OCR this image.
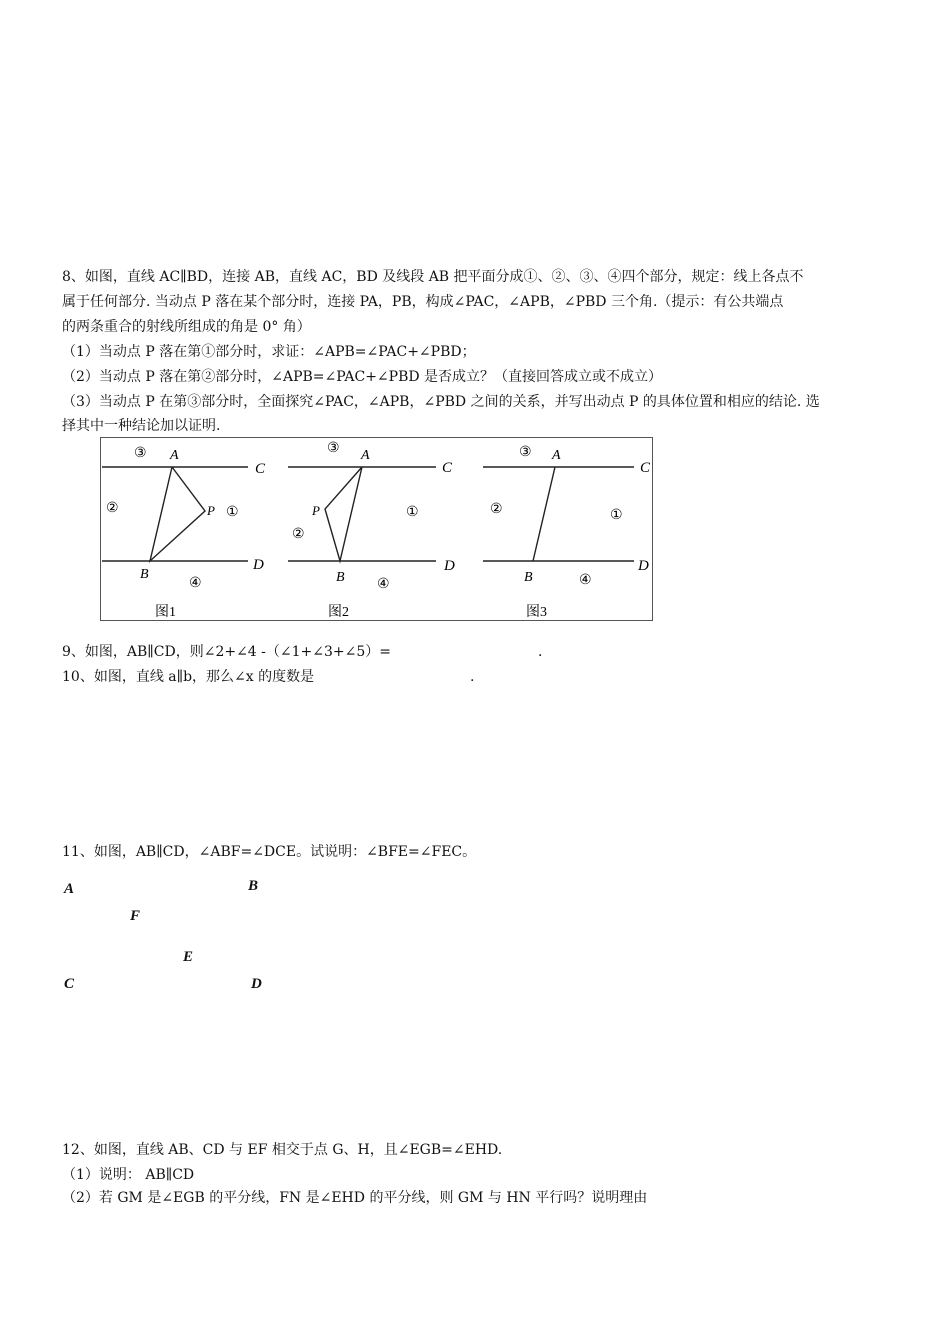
8、如图，直线 AC∥BD，连接 AB，直线 AC，BD 及线段 AB 把平面分成①、②、③、④四个部分，规定：线上各点不
属于任何部分. 当动点 P 落在某个部分时，连接 PA，PB，构成∠PAC，∠APB，∠PBD 三个角.（提示：有公共端点
的两条重合的射线所组成的角是 0° 角）
（1）当动点 P 落在第①部分时，求证：∠APB=∠PAC+∠PBD；
（2）当动点 P 落在第②部分时，∠APB=∠PAC+∠PBD 是否成立？（直接回答成立或不成立）
（3）当动点 P 在第③部分时，全面探究∠PAC，∠APB，∠PBD 之间的关系，并写出动点 P 的具体位置和相应的结论. 选
择其中一种结论加以证明.
A
C
B
D
P
③
②	①
④
图1
A
C
B
D
P
③
②
①
④
图2
A
C
B
D
③
②	①
④
图3
9、如图，AB∥CD，则∠2+∠4 -（∠1+∠3+∠5）=	.
10、如图，直线 a∥b，那么∠x 的度数是	.
11、如图，AB∥CD，∠ABF=∠DCE。试说明：∠BFE=∠FEC。
A	B
F
E
C	D
12、如图，直线 AB、CD 与 EF 相交于点 G、H，且∠EGB=∠EHD.
（1）说明： AB∥CD
（2）若 GM 是∠EGB 的平分线，FN 是∠EHD 的平分线，则 GM 与 HN 平行吗？说明理由
